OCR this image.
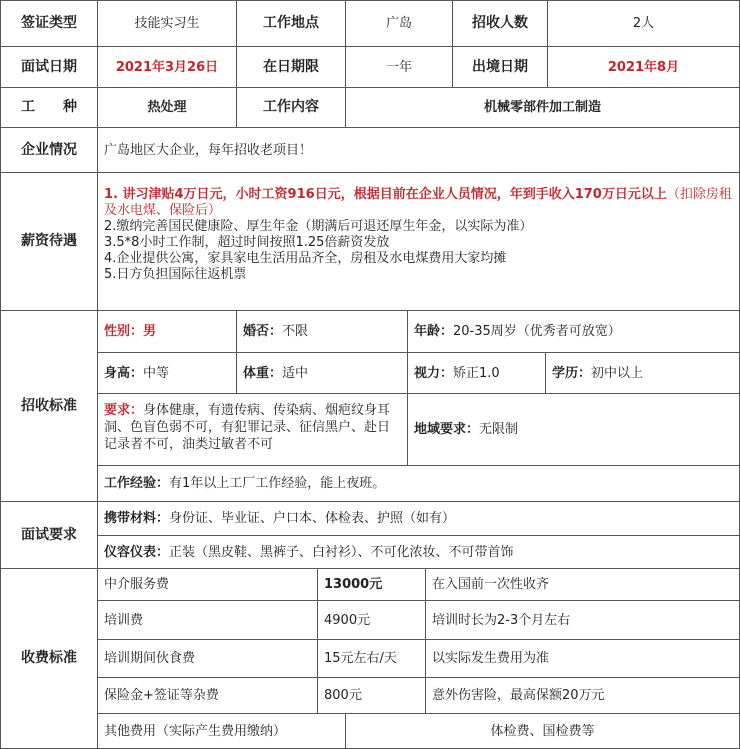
签证类型	技能实习生	工作地点	广岛	招收人数	2人
面试日期	2021年3月26日	在日期限	一年	出境日期	2021年8月
工　　种	热处理	工作内容	机械零部件加工制造
企业情况	广岛地区大企业，每年招收老项目！
薪资待遇

1. 讲习津贴4万日元，小时工资916日元，根据目前在企业人员情况，年到手收入170万日元以上（扣除房租及水电煤、保险后）

2.缴纳完善国民健康险、厚生年金（期满后可退还厚生年金，以实际为准）

3.5*8小时工作制，超过时间按照1.25倍薪资发放

4.企业提供公寓，家具家电生活用品齐全，房租及水电煤费用大家均摊

5.日方负担国际往返机票

招收标准
性别： 男	婚否： 不限	年龄： 20-35周岁（优秀者可放宽）
身高： 中等	体重： 适中	视力： 矫正1.0	学历： 初中以上
要求：身体健康，有遗传病、传染病、烟疤纹身耳洞、色盲色弱不可，有犯罪记录、征信黑户、赴日记录者不可，油类过敏者不可
地域要求： 无限制
工作经验： 有1年以上工厂工作经验，能上夜班。
面试要求
携带材料： 身份证、毕业证、户口本、体检表、护照（如有）
仪容仪表： 正装（黑皮鞋、黑裤子、白衬衫）、不可化浓妆、不可带首饰
收费标准
中介服务费	13000元	在入国前一次性收齐
培训费	4900元	培训时长为2-3个月左右
培训期间伙食费	15元左右/天	以实际发生费用为准
保险金+签证等杂费	800元	意外伤害险，最高保额20万元
其他费用（实际产生费用缴纳）	体检费、国检费等
